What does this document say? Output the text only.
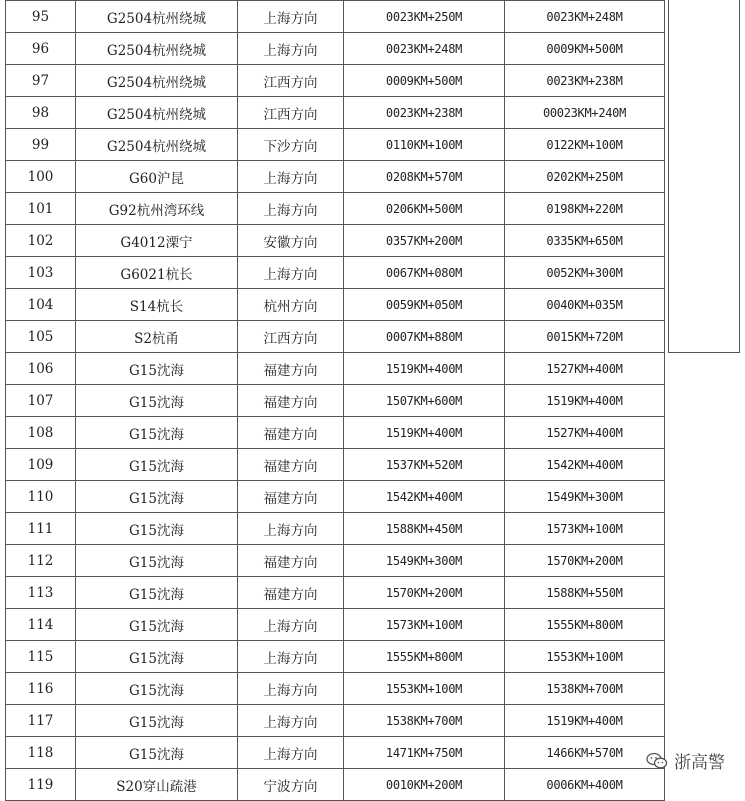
95	G2504杭州绕城	上海方向	0023KM+250M	0023KM+248M
96	G2504杭州绕城	上海方向	0023KM+248M	0009KM+500M
97	G2504杭州绕城	江西方向	0009KM+500M	0023KM+238M
98	G2504杭州绕城	江西方向	0023KM+238M	00023KM+240M
99	G2504杭州绕城	下沙方向	0110KM+100M	0122KM+100M
100	G60沪昆	上海方向	0208KM+570M	0202KM+250M
101	G92杭州湾环线	上海方向	0206KM+500M	0198KM+220M
102	G4012溧宁	安徽方向	0357KM+200M	0335KM+650M
103	G6021杭长	上海方向	0067KM+080M	0052KM+300M
104	S14杭长	杭州方向	0059KM+050M	0040KM+035M
105	S2杭甬	江西方向	0007KM+880M	0015KM+720M
106	G15沈海	福建方向	1519KM+400M	1527KM+400M
107	G15沈海	福建方向	1507KM+600M	1519KM+400M
108	G15沈海	福建方向	1519KM+400M	1527KM+400M
109	G15沈海	福建方向	1537KM+520M	1542KM+400M
110	G15沈海	福建方向	1542KM+400M	1549KM+300M
111	G15沈海	上海方向	1588KM+450M	1573KM+100M
112	G15沈海	福建方向	1549KM+300M	1570KM+200M
113	G15沈海	福建方向	1570KM+200M	1588KM+550M
114	G15沈海	上海方向	1573KM+100M	1555KM+800M
115	G15沈海	上海方向	1555KM+800M	1553KM+100M
116	G15沈海	上海方向	1553KM+100M	1538KM+700M
117	G15沈海	上海方向	1538KM+700M	1519KM+400M
118	G15沈海	上海方向	1471KM+750M	1466KM+570M
119	S20穿山疏港	宁波方向	0010KM+200M	0006KM+400M
浙高警
